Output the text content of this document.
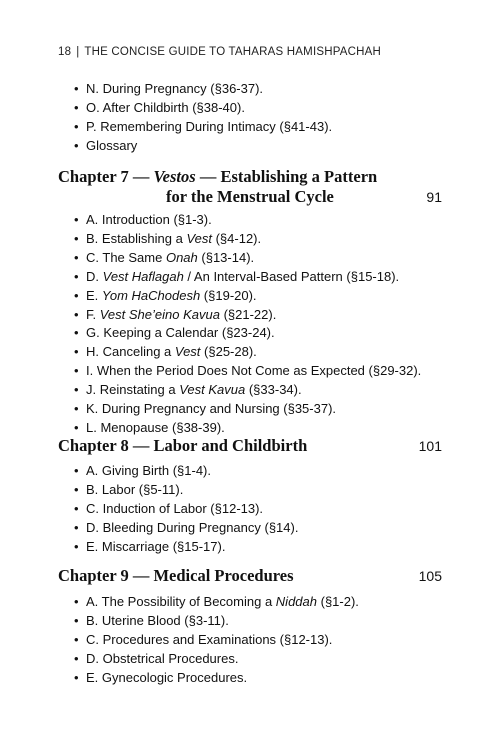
18 | THE CONCISE GUIDE TO TAHARAS HAMISHPACHAH
• N. During Pregnancy (§36-37).
• O. After Childbirth (§38-40).
• P. Remembering During Intimacy (§41-43).
• Glossary
Chapter 7 — Vestos — Establishing a Pattern
for the Menstrual Cycle	91
• A. Introduction (§1-3).
• B. Establishing a Vest (§4-12).
• C. The Same Onah (§13-14).
• D. Vest Haflagah / An Interval-Based Pattern (§15-18).
• E. Yom HaChodesh (§19-20).
• F. Vest She’eino Kavua (§21-22).
• G. Keeping a Calendar (§23-24).
• H. Canceling a Vest (§25-28).
• I. When the Period Does Not Come as Expected (§29-32).
• J. Reinstating a Vest Kavua (§33-34).
• K. During Pregnancy and Nursing (§35-37).
• L. Menopause (§38-39).
Chapter 8 — Labor and Childbirth	101
• A. Giving Birth (§1-4).
• B. Labor (§5-11).
• C. Induction of Labor (§12-13).
• D. Bleeding During Pregnancy (§14).
• E. Miscarriage (§15-17).
Chapter 9 — Medical Procedures	105
• A. The Possibility of Becoming a Niddah (§1-2).
• B. Uterine Blood (§3-11).
• C. Procedures and Examinations (§12-13).
• D. Obstetrical Procedures.
• E. Gynecologic Procedures.
